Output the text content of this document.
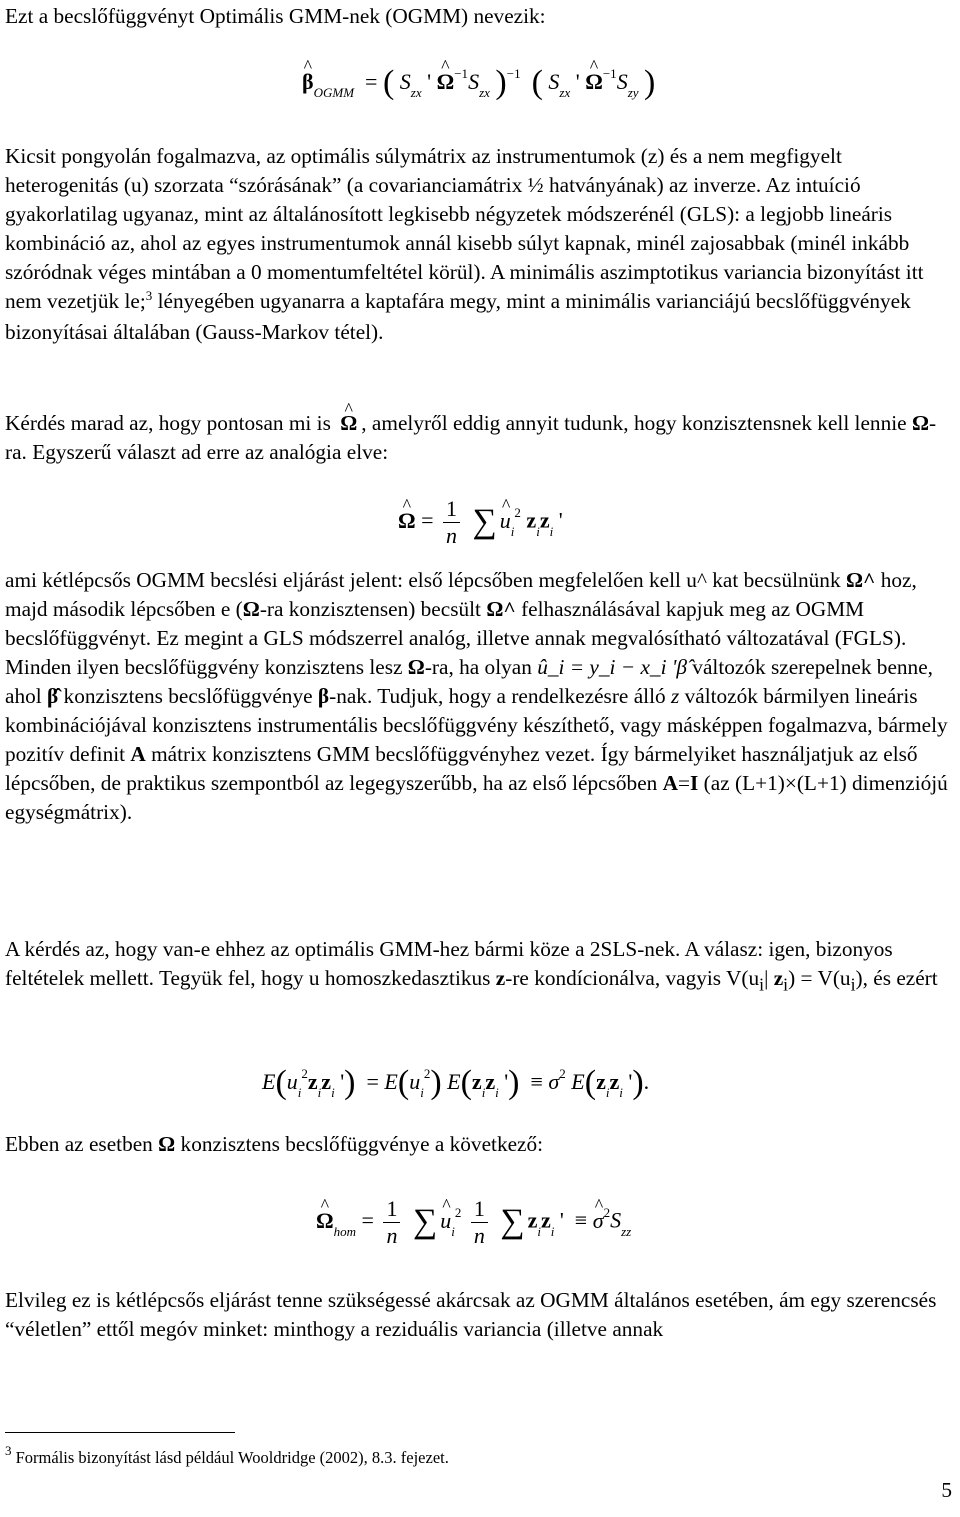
Ezt a becslőfüggvényt Optimális GMM-nek (OGMM) nevezik:

^ $\beta_{OGMM}$  = ( $S_{zx}$ ' ^ $\Omega^{-1}S_{zx}$ )$^{-1}$ ( $S_{zx}$ ' ^ $\Omega^{-1}S_{zy}$ )

Kicsit pongyolán fogalmazva, az optimális súlymátrix az instrumentumok (z) és a nem megfigyelt heterogenitás (u) szorzata “szórásának” (a covarianciamátrix ½ hatványának) az inverze. Az intuíció gyakorlatilag ugyanaz, mint az általánosított legkisebb négyzetek módszerénél (GLS): a legjobb lineáris kombináció az, ahol az egyes instrumentumok annál kisebb súlyt kapnak, minél zajosabbak (minél inkább szóródnak véges mintában a 0 momentumfeltétel körül). A minimális aszimptotikus variancia bizonyítást itt nem vezetjük le;$^3$ lényegében ugyanarra a kaptafára megy, mint a minimális varianciájú becslőfüggvények bizonyításai általában (Gauss-Markov tétel).

Kérdés marad az, hogy pontosan mi is ^ Ω , amelyről eddig annyit tudunk, hogy konzisztensnek kell lennie Ω-ra. Egyszerű választ ad erre az analógia elve:

^ $\Omega = \frac{1}{n}$ ∑ ^ $u_i^2$ $z_iz_i$ '

ami kétlépcsős OGMM becslési eljárást jelent: első lépcsőben megfelelően kell u^ kat becsülnünk Ω^ hoz, majd második lépcsőben e (Ω-ra konzisztensen) becsült Ω^ felhasználásával kapjuk meg az OGMM becslőfüggvényt. Ez megint a GLS módszerrel analóg, illetve annak megvalósítható változatával (FGLS). Minden ilyen becslőfüggvény konzisztens lesz Ω-ra, ha olyan û_i = y_i − x_i 'β̂ változók szerepelnek benne, ahol β̂ konzisztens becslőfüggvénye β-nak. Tudjuk, hogy a rendelkezésre álló z változók bármilyen lineáris kombinációjával konzisztens instrumentális becslőfüggvény készíthető, vagy másképpen fogalmazva, bármely pozitív definit A mátrix konzisztens GMM becslőfüggvényhez vezet. Így bármelyiket használjatjuk az első lépcsőben, de praktikus szempontból az legegyszerűbb, ha az első lépcsőben A=I (az (L+1)×(L+1) dimenziójú egységmátrix).

A kérdés az, hogy van-e ehhez az optimális GMM-hez bármi köze a 2SLS-nek. A válasz: igen, bizonyos feltételek mellett. Tegyük fel, hogy u homoszkedasztikus z-re kondícionálva, vagyis $V(u_i|$ $z_i) = V(u_i)$, és ezért

$E(u_i^2z_iz_i$ ')  = $E(u_i^2)$ $E(z_iz_i$ ')  ≡ $\sigma^2$ $E(z_iz_i$ ').

Ebben az esetben Ω konzisztens becslőfüggvénye a következő:

^ $\Omega_{hom} = \frac{1}{n}$ ∑ ^ $u_i^2 \frac{1}{n}$ ∑ $z_iz_i$ '  ≡ ^ $\sigma^2S_{zz}$

Elvileg ez is kétlépcsős eljárást tenne szükségessé akárcsak az OGMM általános esetében, ám egy szerencsés “véletlen” ettől megóv minket: minthogy a reziduális variancia (illetve annak

$^3$ Formális bizonyítást lásd például Wooldridge (2002), 8.3. fejezet.
5
